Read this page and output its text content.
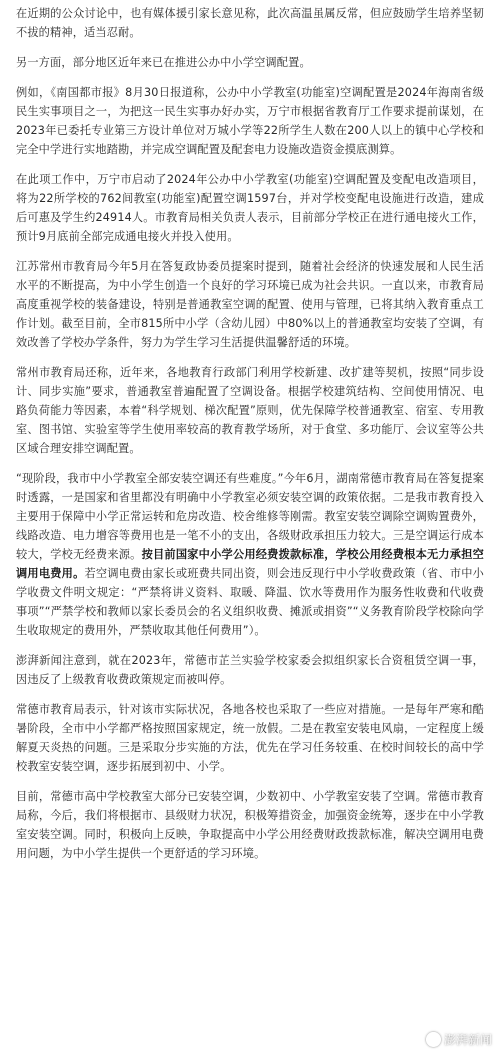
在近期的公众讨论中，也有媒体援引家长意见称，此次高温虽属反常，但应鼓励学生培养坚韧不拔的精神，适当忍耐。

另一方面，部分地区近年来已在推进公办中小学空调配置。

例如，《南国都市报》8月30日报道称，公办中小学教室(功能室)空调配置是2024年海南省级民生实事项目之一，为把这一民生实事办好办实，万宁市根据省教育厅工作要求提前谋划，在2023年已委托专业第三方设计单位对万城小学等22所学生人数在200人以上的镇中心学校和完全中学进行实地踏勘，并完成空调配置及配套电力设施改造资金摸底测算。

在此项工作中，万宁市启动了2024年公办中小学教室(功能室)空调配置及变配电改造项目，将为22所学校的762间教室(功能室)配置空调1597台，并对学校变配电设施进行改造，建成后可惠及学生约24914人。市教育局相关负责人表示，目前部分学校正在进行通电接火工作，预计9月底前全部完成通电接火并投入使用。

江苏常州市教育局今年5月在答复政协委员提案时提到，随着社会经济的快速发展和人民生活水平的不断提高，为中小学生创造一个良好的学习环境已成为社会共识。一直以来，市教育局高度重视学校的装备建设，特别是普通教室空调的配置、使用与管理，已将其纳入教育重点工作计划。截至目前，全市815所中小学（含幼儿园）中80%以上的普通教室均安装了空调，有效改善了学校办学条件，努力为学生学习生活提供温馨舒适的环境。

常州市教育局还称，近年来，各地教育行政部门利用学校新建、改扩建等契机，按照“同步设计、同步实施”要求，普通教室普遍配置了空调设备。根据学校建筑结构、空间使用情况、电路负荷能力等因素，本着“科学规划、梯次配置”原则，优先保障学校普通教室、宿室、专用教室、图书馆、实验室等学生使用率较高的教育教学场所，对于食堂、多功能厅、会议室等公共区域合理安排空调配置。

“现阶段，我市中小学教室全部安装空调还有些难度。”今年6月，湖南常德市教育局在答复提案时透露，一是国家和省里都没有明确中小学教室必须安装空调的政策依据。二是我市教育投入主要用于保障中小学正常运转和危房改造、校舍维修等刚需。教室安装空调除空调购置费外，线路改造、电力增容等费用也是一笔不小的支出，各级财政承担压力较大。三是空调运行成本较大，学校无经费来源。按目前国家中小学公用经费拨款标准，学校公用经费根本无力承担空调用电费用。若空调电费由家长或班费共同出资，则会违反现行中小学收费政策（省、市中小学收费文件明文规定：“严禁将讲义资料、取暖、降温、饮水等费用作为服务性收费和代收费事项”“严禁学校和教师以家长委员会的名义组织收费、摊派或捐资”“义务教育阶段学校除向学生收取规定的费用外，严禁收取其他任何费用”）。

澎湃新闻注意到，就在2023年，常德市芷兰实验学校家委会拟组织家长合资租赁空调一事，因违反了上级教育收费政策规定而被叫停。

常德市教育局表示，针对该市实际状况，各地各校也采取了一些应对措施。一是每年严寒和酷暑阶段，全市中小学都严格按照国家规定，统一放假。二是在教室安装电风扇，一定程度上缓解夏天炎热的问题。三是采取分步实施的方法，优先在学习任务较重、在校时间较长的高中学校教室安装空调，逐步拓展到初中、小学。

目前，常德市高中学校教室大部分已安装空调，少数初中、小学教室安装了空调。常德市教育局称，今后，我们将根据市、县级财力状况，积极筹措资金，加强资金统筹，逐步在中小学教室安装空调。同时，积极向上反映，争取提高中小学公用经费财政拨款标准，解决空调用电费用问题，为中小学生提供一个更舒适的学习环境。

澎湃新闻
